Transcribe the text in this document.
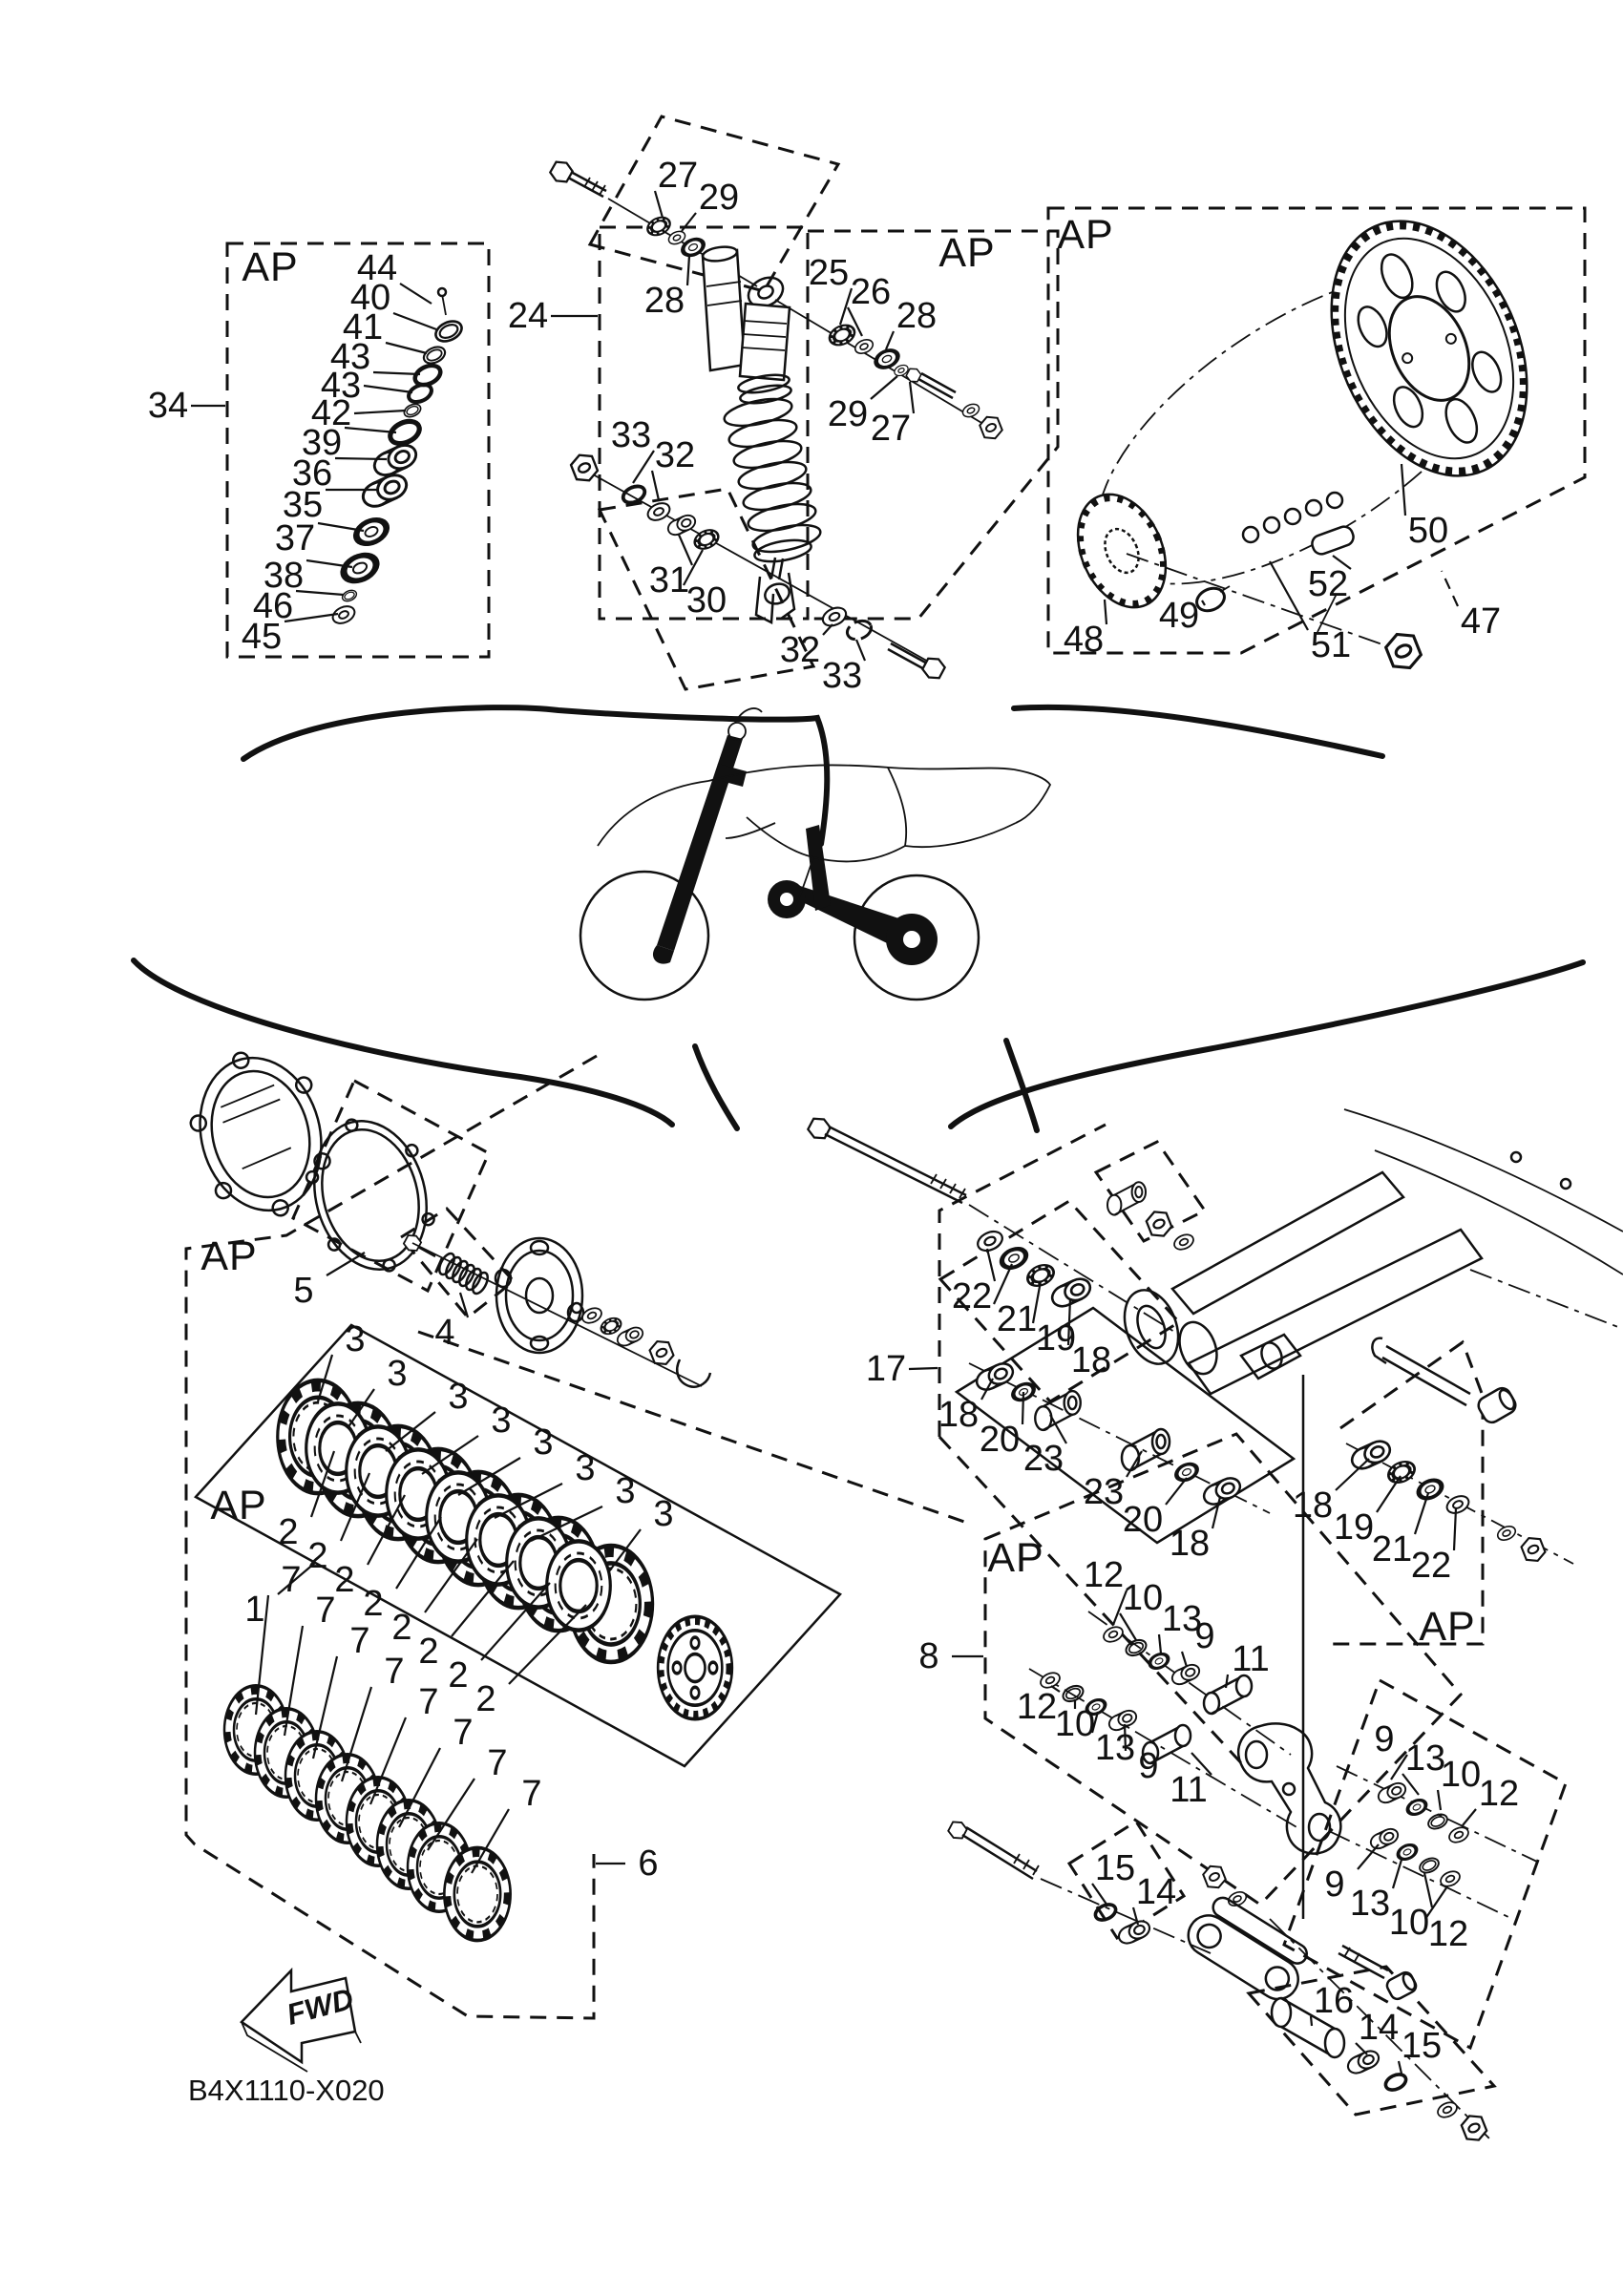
FWD
B4X1110-X020
34
44
40
41
43
43
42
39
36
35
37
38
46
45
24
27
29
28
25 26
28
29 27
33 32
31
30
32
33
50
52
51
48
49	47
5
4
1
3
3
3
3
3
3
3
3
2
2
2
2
2
2
2
2
7
7
7
7
7
7
7
7
6
17
22
21
19
18
18
20 23
23
20
18
18
19
21
22
8
12
10
13
9
11
12
10
13 9
11
9 13
10
12
9 13
10
12
15
14
16
14 15
AP	AP AP
AP
AP
AP
AP
